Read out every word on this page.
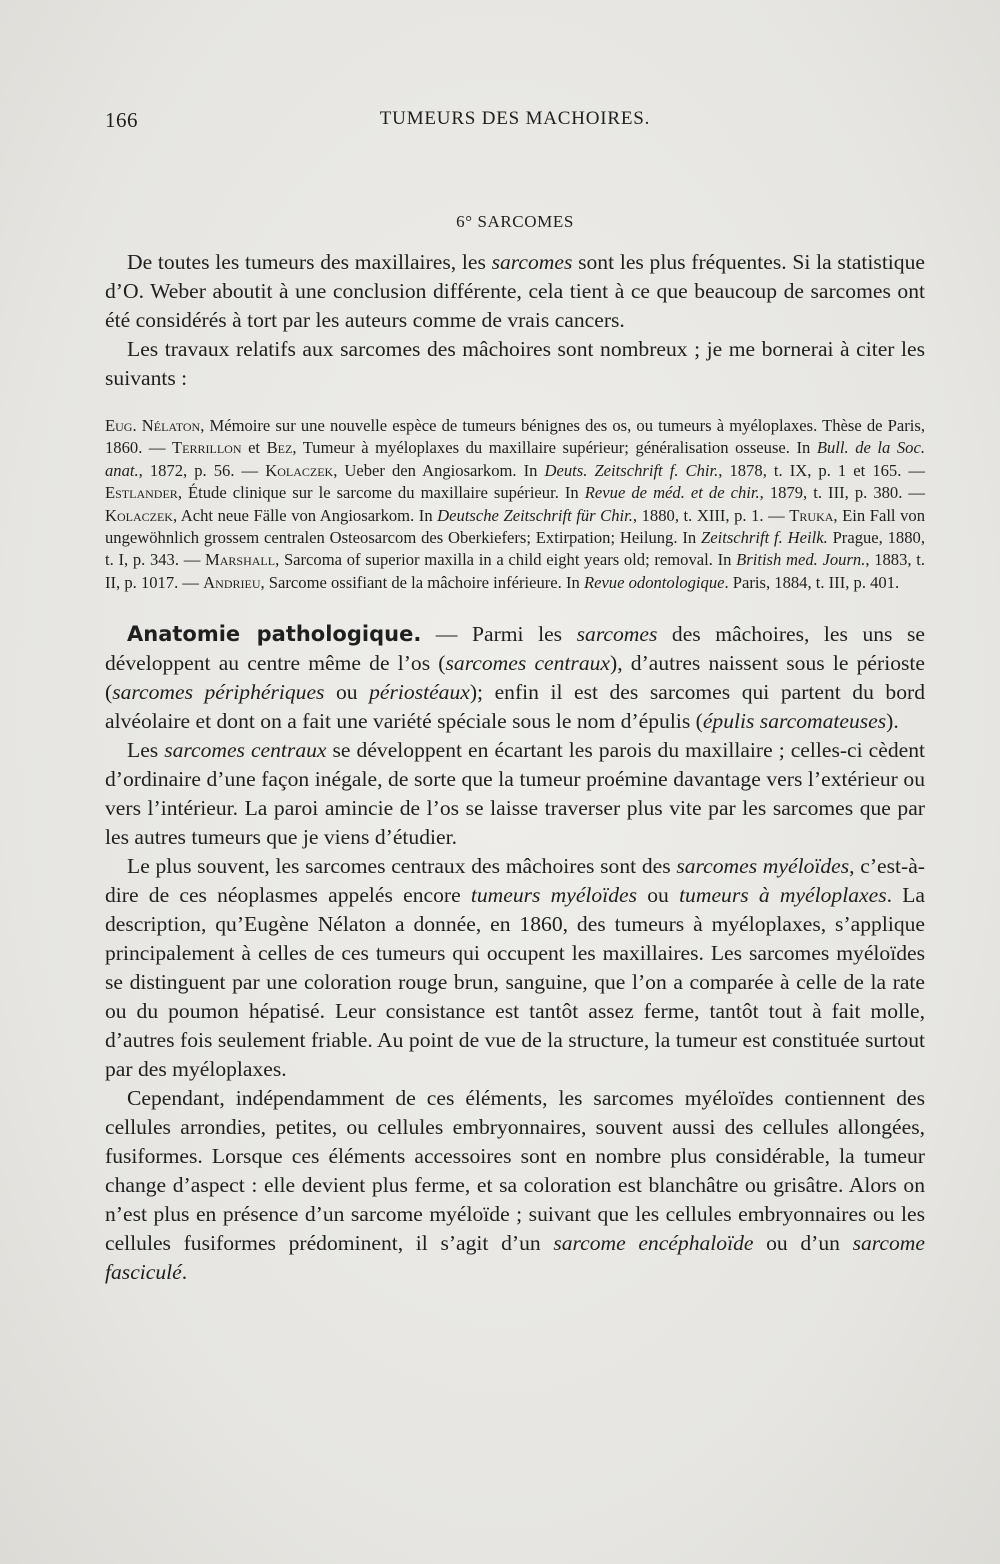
166	TUMEURS DES MACHOIRES.
6° SARCOMES

De toutes les tumeurs des maxillaires, les sarcomes sont les plus fréquentes. Si la statistique d’O. Weber aboutit à une conclusion différente, cela tient à ce que beaucoup de sarcomes ont été considérés à tort par les auteurs comme de vrais cancers.

Les travaux relatifs aux sarcomes des mâchoires sont nombreux ; je me bornerai à citer les suivants :

Eug. Nélaton, Mémoire sur une nouvelle espèce de tumeurs bénignes des os, ou tumeurs à myéloplaxes. Thèse de Paris, 1860. — Terrillon et Bez, Tumeur à myéloplaxes du maxillaire supérieur; généralisation osseuse. In Bull. de la Soc. anat., 1872, p. 56. — Kolaczek, Ueber den Angiosarkom. In Deuts. Zeitschrift f. Chir., 1878, t. IX, p. 1 et 165. — Estlander, Étude clinique sur le sarcome du maxillaire supérieur. In Revue de méd. et de chir., 1879, t. III, p. 380. — Kolaczek, Acht neue Fälle von Angiosarkom. In Deutsche Zeitschrift für Chir., 1880, t. XIII, p. 1. — Truka, Ein Fall von ungewöhnlich grossem centralen Osteosarcom des Oberkiefers; Extirpation; Heilung. In Zeitschrift f. Heilk. Prague, 1880, t. I, p. 343. — Marshall, Sarcoma of superior maxilla in a child eight years old; removal. In British med. Journ., 1883, t. II, p. 1017. — Andrieu, Sarcome ossifiant de la mâchoire inférieure. In Revue odontologique. Paris, 1884, t. III, p. 401.

Anatomie pathologique. — Parmi les sarcomes des mâchoires, les uns se développent au centre même de l’os (sarcomes centraux), d’autres naissent sous le périoste (sarcomes périphériques ou périostéaux); enfin il est des sarcomes qui partent du bord alvéolaire et dont on a fait une variété spéciale sous le nom d’épulis (épulis sarcomateuses).

Les sarcomes centraux se développent en écartant les parois du maxillaire ; celles-ci cèdent d’ordinaire d’une façon inégale, de sorte que la tumeur proémine davantage vers l’extérieur ou vers l’intérieur. La paroi amincie de l’os se laisse traverser plus vite par les sarcomes que par les autres tumeurs que je viens d’étudier.

Le plus souvent, les sarcomes centraux des mâchoires sont des sarcomes myéloïdes, c’est-à-dire de ces néoplasmes appelés encore tumeurs myéloïdes ou tumeurs à myéloplaxes. La description, qu’Eugène Nélaton a donnée, en 1860, des tumeurs à myéloplaxes, s’applique principalement à celles de ces tumeurs qui occupent les maxillaires. Les sarcomes myéloïdes se distinguent par une coloration rouge brun, sanguine, que l’on a comparée à celle de la rate ou du poumon hépatisé. Leur consistance est tantôt assez ferme, tantôt tout à fait molle, d’autres fois seulement friable. Au point de vue de la structure, la tumeur est constituée surtout par des myéloplaxes.

Cependant, indépendamment de ces éléments, les sarcomes myéloïdes contiennent des cellules arrondies, petites, ou cellules embryonnaires, souvent aussi des cellules allongées, fusiformes. Lorsque ces éléments accessoires sont en nombre plus considérable, la tumeur change d’aspect : elle devient plus ferme, et sa coloration est blanchâtre ou grisâtre. Alors on n’est plus en présence d’un sarcome myéloïde ; suivant que les cellules embryonnaires ou les cellules fusiformes prédominent, il s’agit d’un sarcome encéphaloïde ou d’un sarcome fasciculé.
